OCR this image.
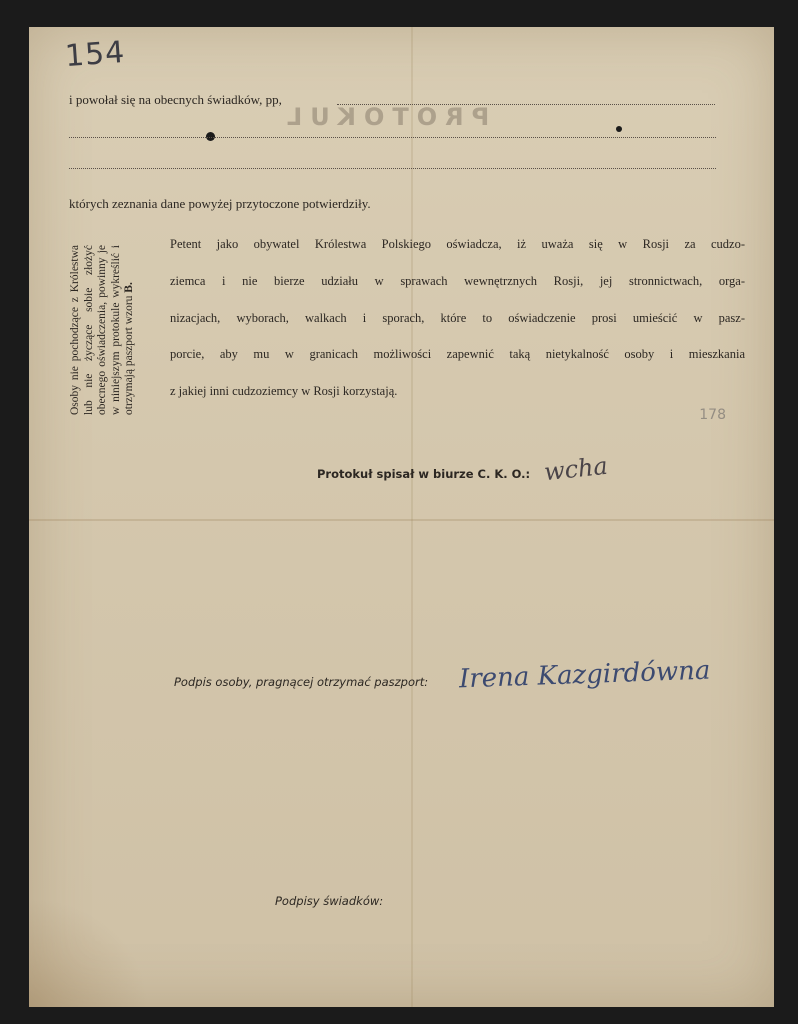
154
PROTOKUL
i powołał się na obecnych świadków, pp,
których zeznania dane powyżej przytoczone potwierdziły.
Osoby nie pochodzące z Królestwa lub nie życzące sobie złożyć obecnego oświadczenia, powinny je w niniejszym protokule wykreślić i otrzymają paszport wzoru B.
Petent jako obywatel Królestwa Polskiego oświadcza, iż uważa się w Rosji za cudzo-
ziemca i nie bierze udziału w sprawach wewnętrznych Rosji, jej stronnictwach, orga-
nizacjach, wyborach, walkach i sporach, które to oświadczenie prosi umieścić w pasz-
porcie, aby mu w granicach możliwości zapewnić taką nietykalność osoby i mieszkania
z jakiej inni cudzoziemcy w Rosji korzystają.
178
Protokuł spisał w biurze C. K. O.: wcha
Podpis osoby, pragnącej otrzymać paszport: Irena Kazgirdówna
Podpisy świadków:
